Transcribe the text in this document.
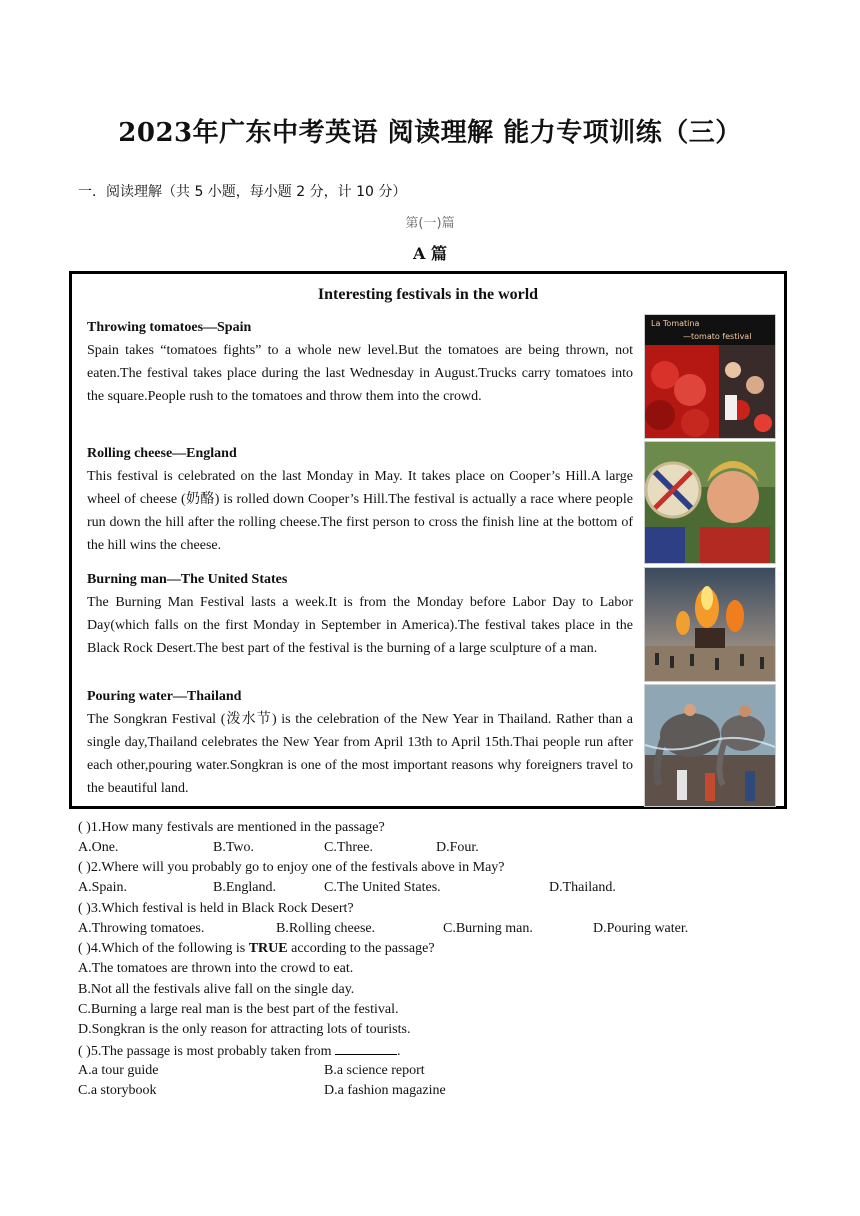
2023年广东中考英语 阅读理解 能力专项训练（三）
一．阅读理解（共 5 小题，每小题 2 分，计 10 分）
第(一)篇
A 篇
Interesting festivals in the world
Throwing tomatoes—Spain
Spain takes “tomatoes fights” to a whole new level.But the tomatoes are being thrown, not eaten.The festival takes place during the last Wednesday in August.Trucks carry tomatoes into the square.People rush to the tomatoes and throw them into the crowd.
La Tomatina
—tomato festival
Rolling cheese—England
This festival is celebrated on the last Monday in May. It takes place on Cooper’s Hill.A large wheel of cheese (奶酪) is rolled down Cooper’s Hill.The festival is actually a race where people run down the hill after the rolling cheese.The first person to cross the finish line at the bottom of the hill wins the cheese.
Burning man—The United States
The Burning Man Festival lasts a week.It is from the Monday before Labor Day to Labor Day(which falls on the first Monday in September in America).The festival takes place in the Black Rock Desert.The best part of the festival is the burning of a large sculpture of a man.
Pouring water—Thailand
The Songkran Festival (泼水节) is the celebration of the New Year in Thailand. Rather than a single day,Thailand celebrates the New Year from April 13th to April 15th.Thai people run after each other,pouring water.Songkran is one of the most important reasons why foreigners travel to the beautiful land.
( )1.How many festivals are mentioned in the passage?
A.One.	B.Two.	C.Three.	D.Four.
( )2.Where will you probably go to enjoy one of the festivals above in May?
A.Spain.	B.England.	C.The United States.	D.Thailand.
( )3.Which festival is held in Black Rock Desert?
A.Throwing tomatoes.	B.Rolling cheese.	C.Burning man.	D.Pouring water.
( )4.Which of the following is TRUE according to the passage?
A.The tomatoes are thrown into the crowd to eat.
B.Not all the festivals alive fall on the single day.
C.Burning a large real man is the best part of the festival.
D.Songkran is the only reason for attracting lots of tourists.
( )5.The passage is most probably taken from	.
A.a tour guide	B.a science report
C.a storybook	D.a fashion magazine
